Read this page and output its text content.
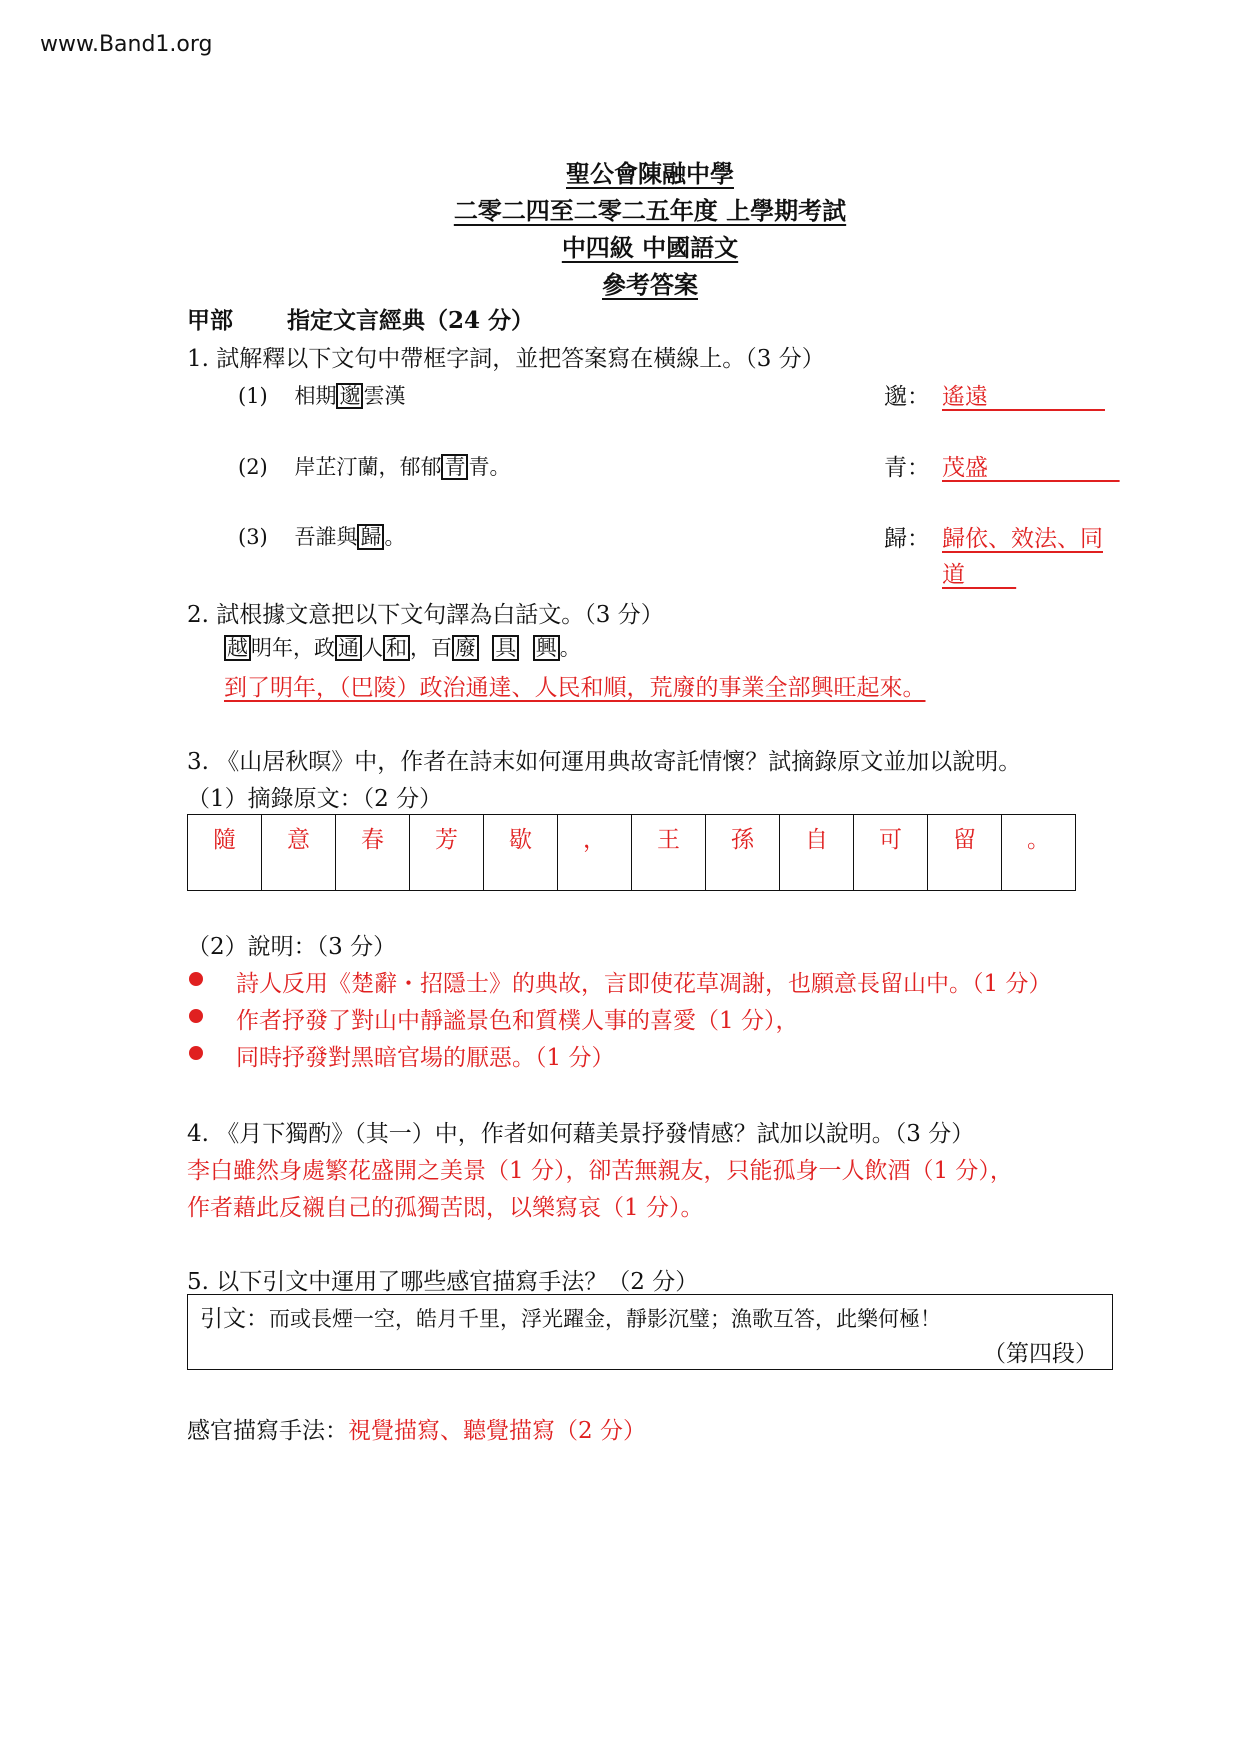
www.Band1.org
聖公會陳融中學
二零二四至二零二五年度 上學期考試
中四級 中國語文
參考答案
甲部 指定文言經典（24 分）
1. 試解釋以下文句中帶框字詞，並把答案寫在橫線上。（3 分）
(1) 相期 邈 雲漢	邈： 遙遠
(2) 岸芷汀蘭，郁郁 青 青。	青： 茂盛
(3) 吾誰與 歸 。	歸： 歸依、效法、同
道
2. 試根據文意把以下文句譯為白話文。（3 分）
越 明年，政 通 人 和 ，百 廢 具 興 。
到了明年，（巴陵）政治通達、人民和順，荒廢的事業全部興旺起來。
3. 《山居秋暝》中，作者在詩末如何運用典故寄託情懷？試摘錄原文並加以說明。
（1）摘錄原文：（2 分）
隨	意	春	芳	歇	，	王	孫	自	可	留	。
（2）說明：（3 分）
詩人反用《楚辭・招隱士》的典故，言即使花草凋謝，也願意長留山中。（1 分）
作者抒發了對山中靜謐景色和質樸人事的喜愛（1 分），
同時抒發對黑暗官場的厭惡。（1 分）
4. 《月下獨酌》（其一）中，作者如何藉美景抒發情感？試加以說明。（3 分）
李白雖然身處繁花盛開之美景（1 分），卻苦無親友，只能孤身一人飲酒（1 分），
作者藉此反襯自己的孤獨苦悶，以樂寫哀（1 分）。
5. 以下引文中運用了哪些感官描寫手法？（2 分）
引文：而或長煙一空，皓月千里，浮光躍金，靜影沉璧；漁歌互答，此樂何極！
（第四段）
感官描寫手法：視覺描寫、聽覺描寫（2 分）
